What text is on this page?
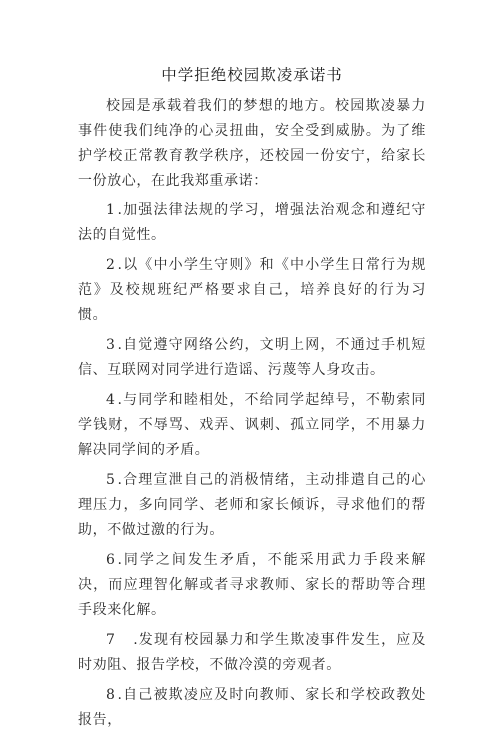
中学拒绝校园欺凌承诺书

校园是承载着我们的梦想的地方。校园欺凌暴力事件使我们纯净的心灵扭曲，安全受到威胁。为了维护学校正常教育教学秩序，还校园一份安宁，给家长一份放心，在此我郑重承诺：

1 .加强法律法规的学习，增强法治观念和遵纪守法的自觉性。

2 .以《中小学生守则》和《中小学生日常行为规范》及校规班纪严格要求自己，培养良好的行为习惯。

3 .自觉遵守网络公约，文明上网，不通过手机短信、互联网对同学进行造谣、污蔑等人身攻击。

4 .与同学和睦相处，不给同学起绰号，不勒索同学钱财，不辱骂、戏弄、讽刺、孤立同学，不用暴力解决同学间的矛盾。

5 .合理宣泄自己的消极情绪，主动排遣自己的心理压力，多向同学、老师和家长倾诉，寻求他们的帮助，不做过激的行为。

6 .同学之间发生矛盾，不能采用武力手段来解决，而应理智化解或者寻求教师、家长的帮助等合理手段来化解。

7　.发现有校园暴力和学生欺凌事件发生，应及时劝阻、报告学校，不做冷漠的旁观者。

8 .自己被欺凌应及时向教师、家长和学校政教处报告，
